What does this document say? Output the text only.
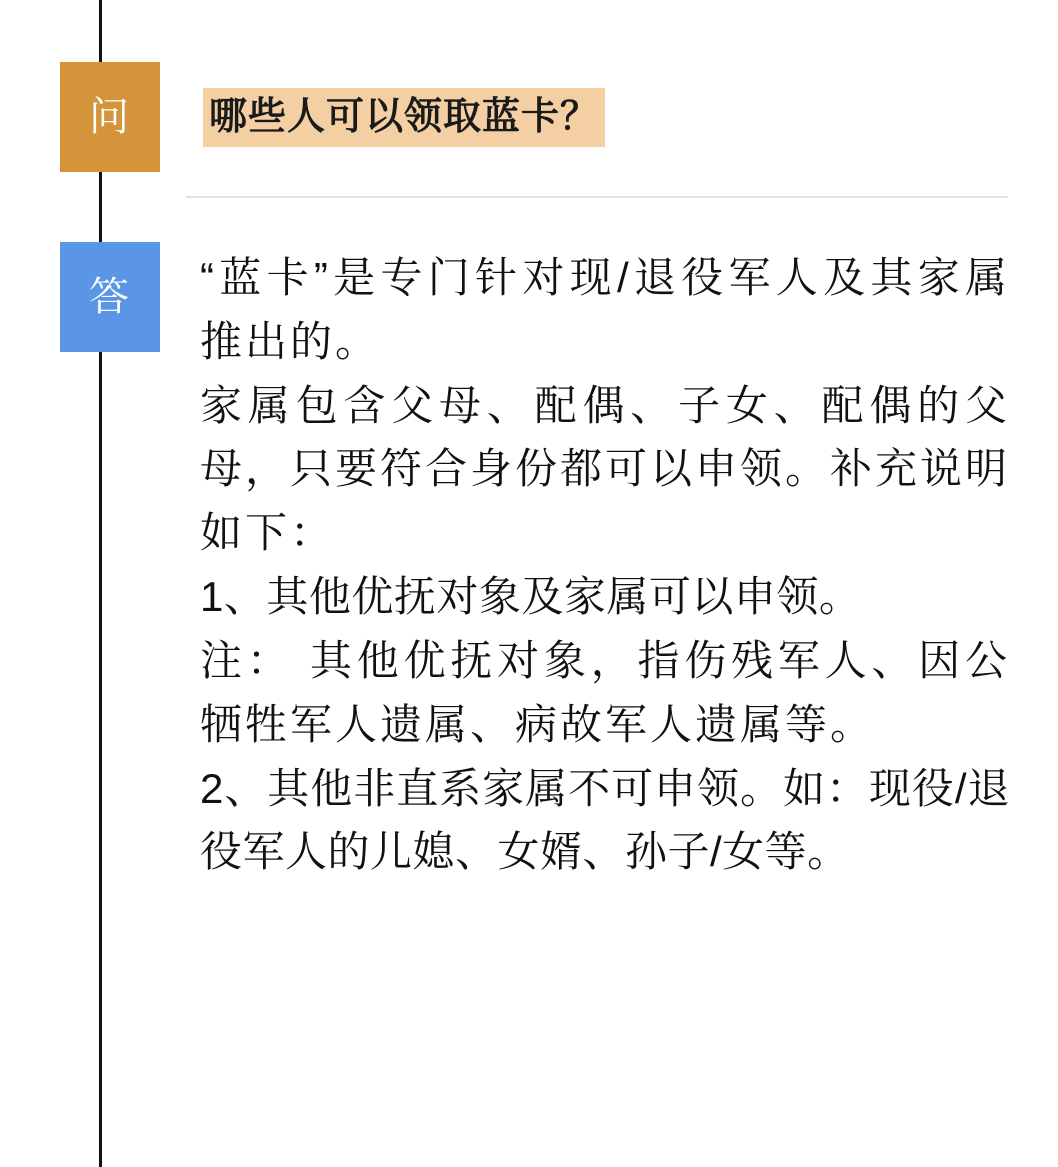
问	哪些人可以领取蓝卡？
答	“蓝卡”是专门针对现/退役军人及其家属推出的。

家属包含父母、配偶、子女、配偶的父母，只要符合身份都可以申领。补充说明如下：

1、其他优抚对象及家属可以申领。

注： 其他优抚对象，指伤残军人、因公牺牲军人遗属、病故军人遗属等。

2、其他非直系家属不可申领。如：现役/退役军人的儿媳、女婿、孙子/女等。
